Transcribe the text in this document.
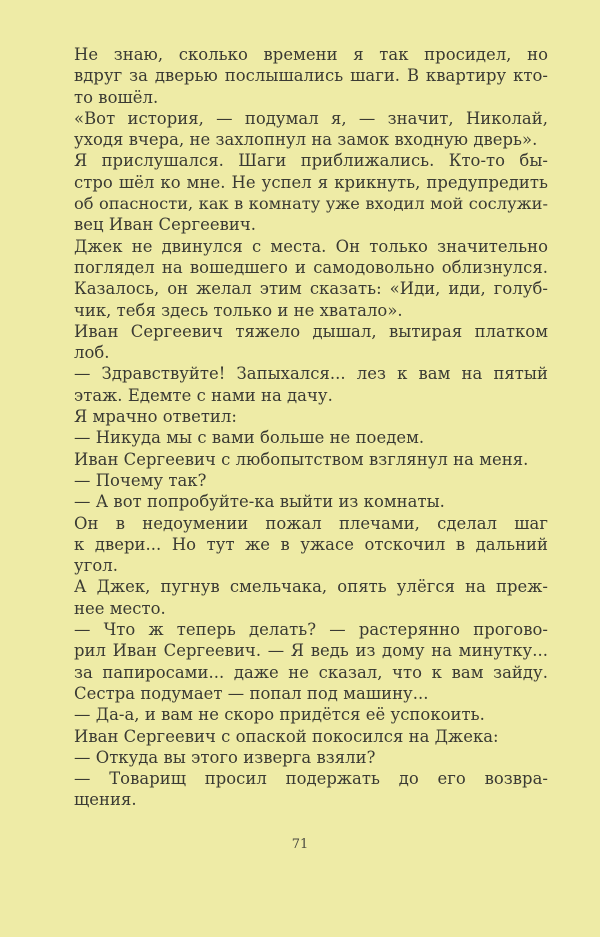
Не знаю, сколько времени я так просидел, но
вдруг за дверью послышались шаги. В квартиру кто-
то вошёл.
«Вот история, — подумал я, — значит, Николай,
уходя вчера, не захлопнул на замок входную дверь».
Я прислушался. Шаги приближались. Кто-то бы-
стро шёл ко мне. Не успел я крикнуть, предупредить
об опасности, как в комнату уже входил мой сослужи-
вец Иван Сергеевич.
Джек не двинулся с места. Он только значительно
поглядел на вошедшего и самодовольно облизнулся.
Казалось, он желал этим сказать: «Иди, иди, голуб-
чик, тебя здесь только и не хватало».
Иван Сергеевич тяжело дышал, вытирая платком
лоб.
— Здравствуйте! Запыхался... лез к вам на пятый
этаж. Едемте с нами на дачу.
Я мрачно ответил:
— Никуда мы с вами больше не поедем.
Иван Сергеевич с любопытством взглянул на меня.
— Почему так?
— А вот попробуйте-ка выйти из комнаты.
Он в недоумении пожал плечами, сделал шаг
к двери... Но тут же в ужасе отскочил в дальний
угол.
А Джек, пугнув смельчака, опять улёгся на преж-
нее место.
— Что ж теперь делать? — растерянно прогово-
рил Иван Сергеевич. — Я ведь из дому на минутку...
за папиросами... даже не сказал, что к вам зайду.
Сестра подумает — попал под машину...
— Да-а, и вам не скоро придётся её успокоить.
Иван Сергеевич с опаской покосился на Джека:
— Откуда вы этого изверга взяли?
— Товарищ просил подержать до его возвра-
щения.
71
